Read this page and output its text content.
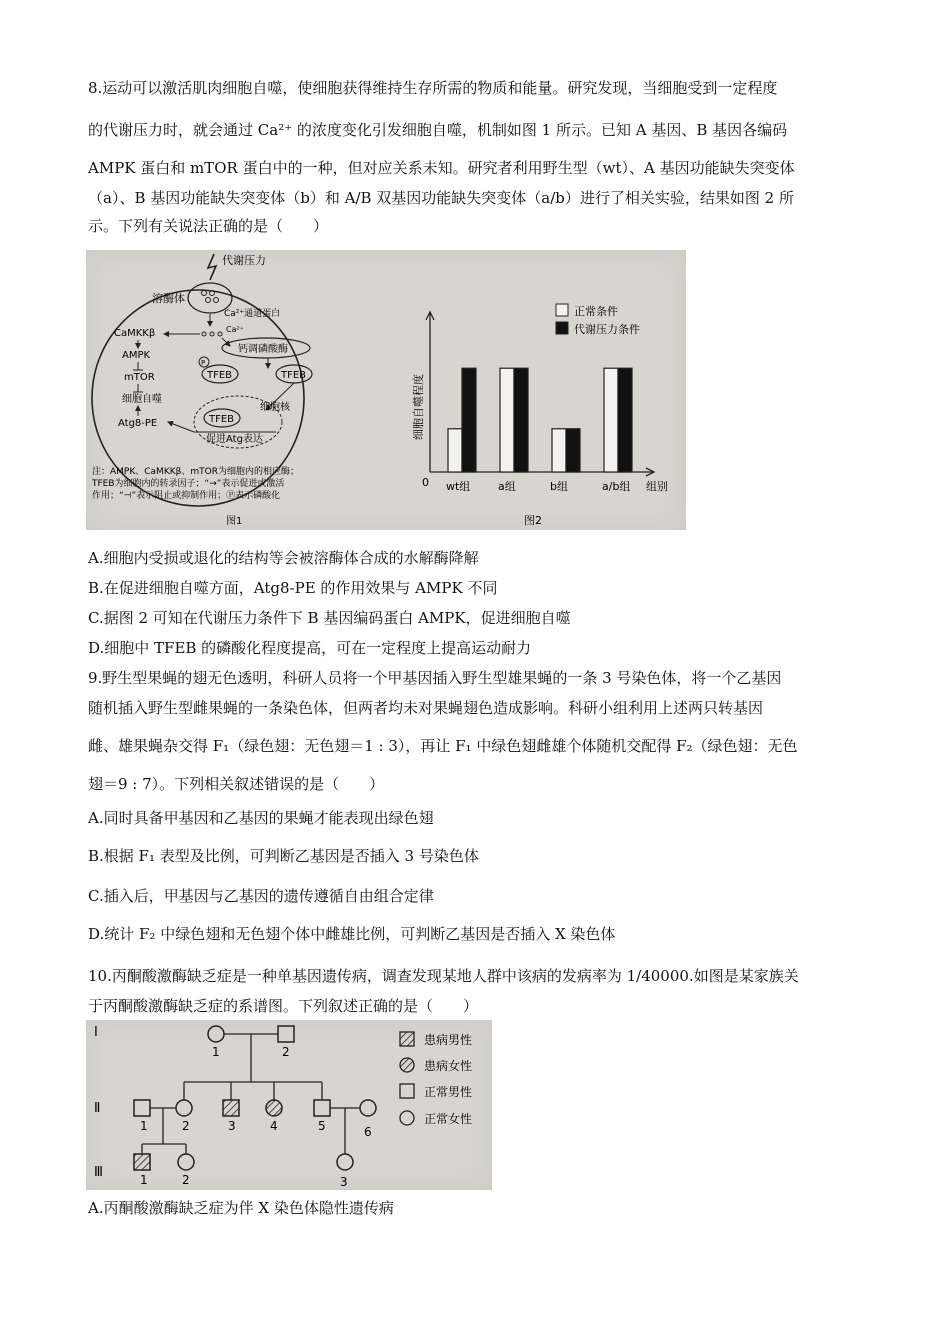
8.运动可以激活肌肉细胞自噬，使细胞获得维持生存所需的物质和能量。研究发现，当细胞受到一定程度
的代谢压力时，就会通过 Ca²⁺ 的浓度变化引发细胞自噬，机制如图 1 所示。已知 A 基因、B 基因各编码
AMPK 蛋白和 mTOR 蛋白中的一种，但对应关系未知。研究者利用野生型（wt）、A 基因功能缺失突变体
（a）、B 基因功能缺失突变体（b）和 A/B 双基因功能缺失突变体（a/b）进行了相关实验，结果如图 2 所
示。下列有关说法正确的是（　　）
代谢压力
溶酶体
Ca²⁺通道蛋白
Ca²⁺
CaMKKβ
AMPK
mTOR
细胞自噬
Atg8-PE
钙调磷酸酶
P
TFEB	TFEB
细胞核
TFEB
促进Atg表达
注：AMPK、CaMKKβ、mTOR为细胞内的相应酶；
TFEB为细胞内的转录因子；“→”表示促进或激活
作用；“⊣”表示阻止或抑制作用；Ⓟ表示磷酸化
图1
0
细胞自噬程度
组别
wt组	a组	b组	a/b组
图2
正常条件
代谢压力条件
A.细胞内受损或退化的结构等会被溶酶体合成的水解酶降解
B.在促进细胞自噬方面，Atg8-PE 的作用效果与 AMPK 不同
C.据图 2 可知在代谢压力条件下 B 基因编码蛋白 AMPK，促进细胞自噬
D.细胞中 TFEB 的磷酸化程度提高，可在一定程度上提高运动耐力
9.野生型果蝇的翅无色透明，科研人员将一个甲基因插入野生型雄果蝇的一条 3 号染色体，将一个乙基因
随机插入野生型雌果蝇的一条染色体，但两者均未对果蝇翅色造成影响。科研小组利用上述两只转基因
雌、雄果蝇杂交得 F₁（绿色翅：无色翅＝1 : 3），再让 F₁ 中绿色翅雌雄个体随机交配得 F₂（绿色翅：无色
翅＝9 : 7）。下列相关叙述错误的是（　　）
A.同时具备甲基因和乙基因的果蝇才能表现出绿色翅
B.根据 F₁ 表型及比例，可判断乙基因是否插入 3 号染色体
C.插入后，甲基因与乙基因的遗传遵循自由组合定律
D.统计 F₂ 中绿色翅和无色翅个体中雌雄比例，可判断乙基因是否插入 X 染色体
10.丙酮酸激酶缺乏症是一种单基因遗传病，调查发现某地人群中该病的发病率为 1/40000.如图是某家族关
于丙酮酸激酶缺乏症的系谱图。下列叙述正确的是（　　）
Ⅰ
Ⅱ
Ⅲ
1	2
1	2	3	4	5	6
1	2	3
患病男性
患病女性
正常男性
正常女性
A.丙酮酸激酶缺乏症为伴 X 染色体隐性遗传病
